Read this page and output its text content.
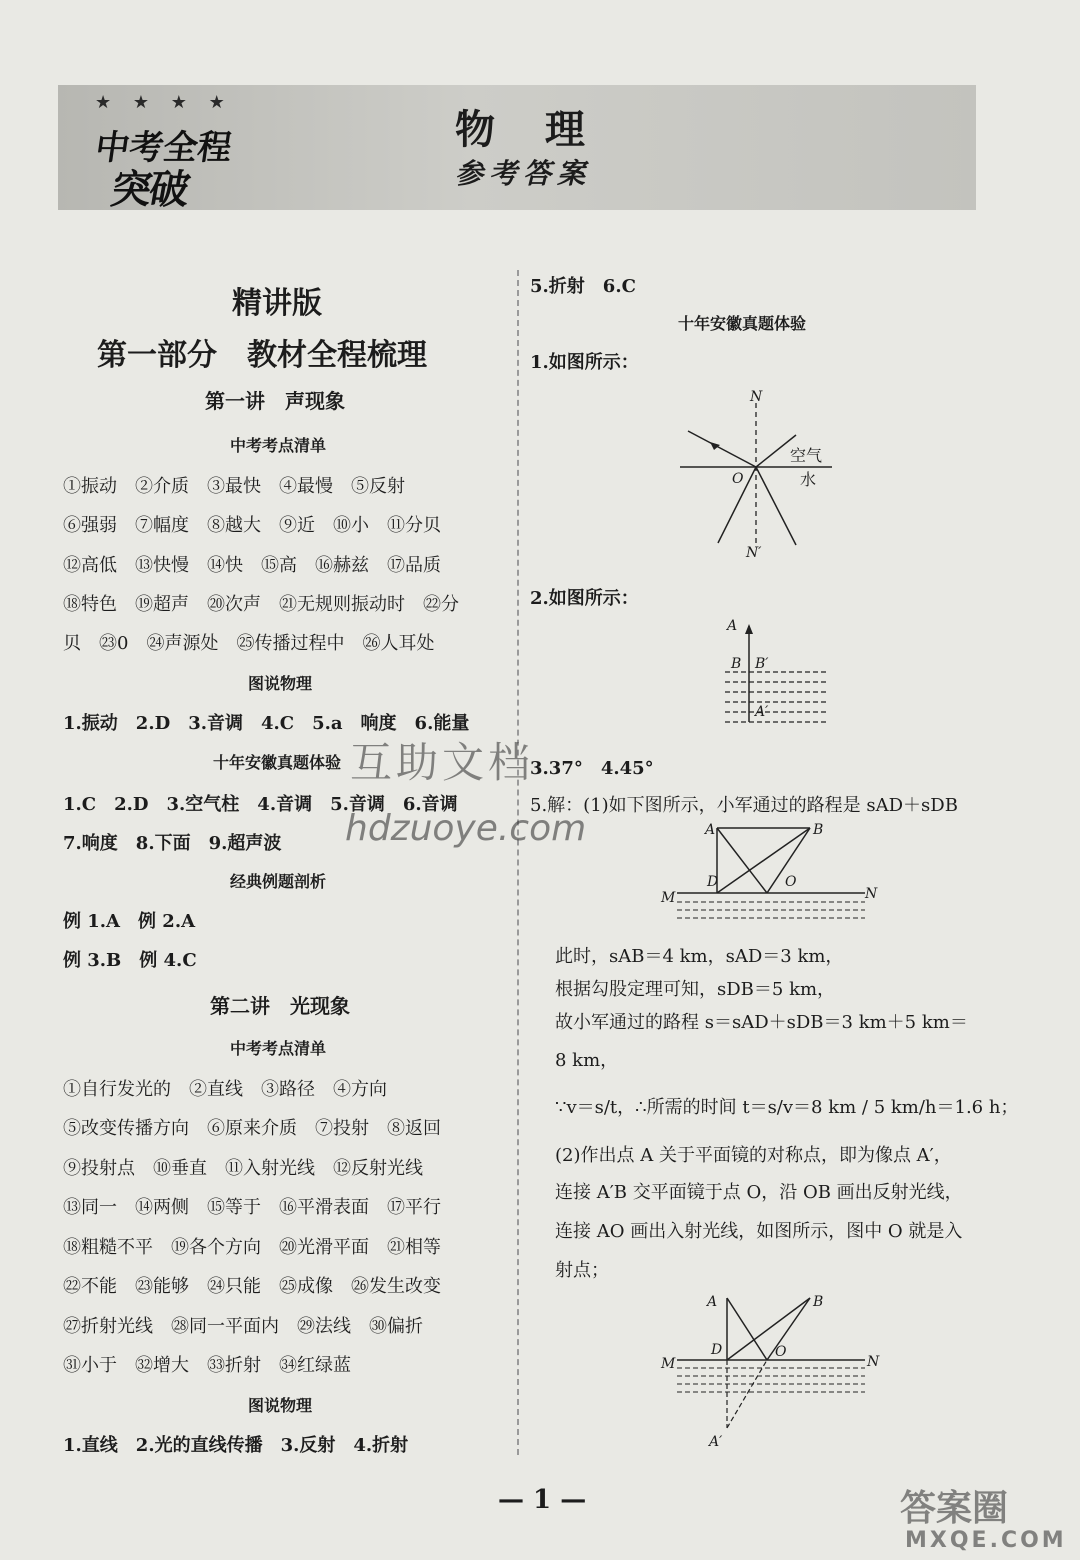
★ ★ ★ ★
中考全程
突破
物 理
参考答案
精讲版
第一部分　教材全程梳理
第一讲　声现象
中考考点清单
①振动　②介质　③最快　④最慢　⑤反射
⑥强弱　⑦幅度　⑧越大　⑨近　⑩小　⑪分贝
⑫高低　⑬快慢　⑭快　⑮高　⑯赫兹　⑰品质
⑱特色　⑲超声　⑳次声　㉑无规则振动时　㉒分
贝　㉓0　㉔声源处　㉕传播过程中　㉖人耳处
图说物理
1.振动　2.D　3.音调　4.C　5.a　响度　6.能量
十年安徽真题体验
1.C　2.D　3.空气柱　4.音调　5.音调　6.音调
7.响度　8.下面　9.超声波
经典例题剖析
例 1.A　例 2.A
例 3.B　例 4.C
第二讲　光现象
中考考点清单
①自行发光的　②直线　③路径　④方向
⑤改变传播方向　⑥原来介质　⑦投射　⑧返回
⑨投射点　⑩垂直　⑪入射光线　⑫反射光线
⑬同一　⑭两侧　⑮等于　⑯平滑表面　⑰平行
⑱粗糙不平　⑲各个方向　⑳光滑平面　㉑相等
㉒不能　㉓能够　㉔只能　㉕成像　㉖发生改变
㉗折射光线　㉘同一平面内　㉙法线　㉚偏折
㉛小于　㉜增大　㉝折射　㉞红绿蓝
图说物理
1.直线　2.光的直线传播　3.反射　4.折射
5.折射　6.C
十年安徽真题体验
1.如图所示：
N
N′
O
空气
水
2.如图所示：
A
B B′
A′
3.37°　4.45°
5.解：(1)如下图所示，小军通过的路程是 sAD＋sDB
A	B
D	O
M	N
此时，sAB＝4 km，sAD＝3 km，
根据勾股定理可知，sDB＝5 km，
故小军通过的路程 s＝sAD＋sDB＝3 km＋5 km＝
8 km，
∵v＝s/t，∴所需的时间 t＝s/v＝8 km / 5 km/h＝1.6 h；
(2)作出点 A 关于平面镜的对称点，即为像点 A′，
连接 A′B 交平面镜于点 O，沿 OB 画出反射光线，
连接 AO 画出入射光线，如图所示，图中 O 就是入
射点；
A	B
D	O
M	N
A′
互助文档
hdzuoye.com
— 1 —	答案圈
MXQE.COM
